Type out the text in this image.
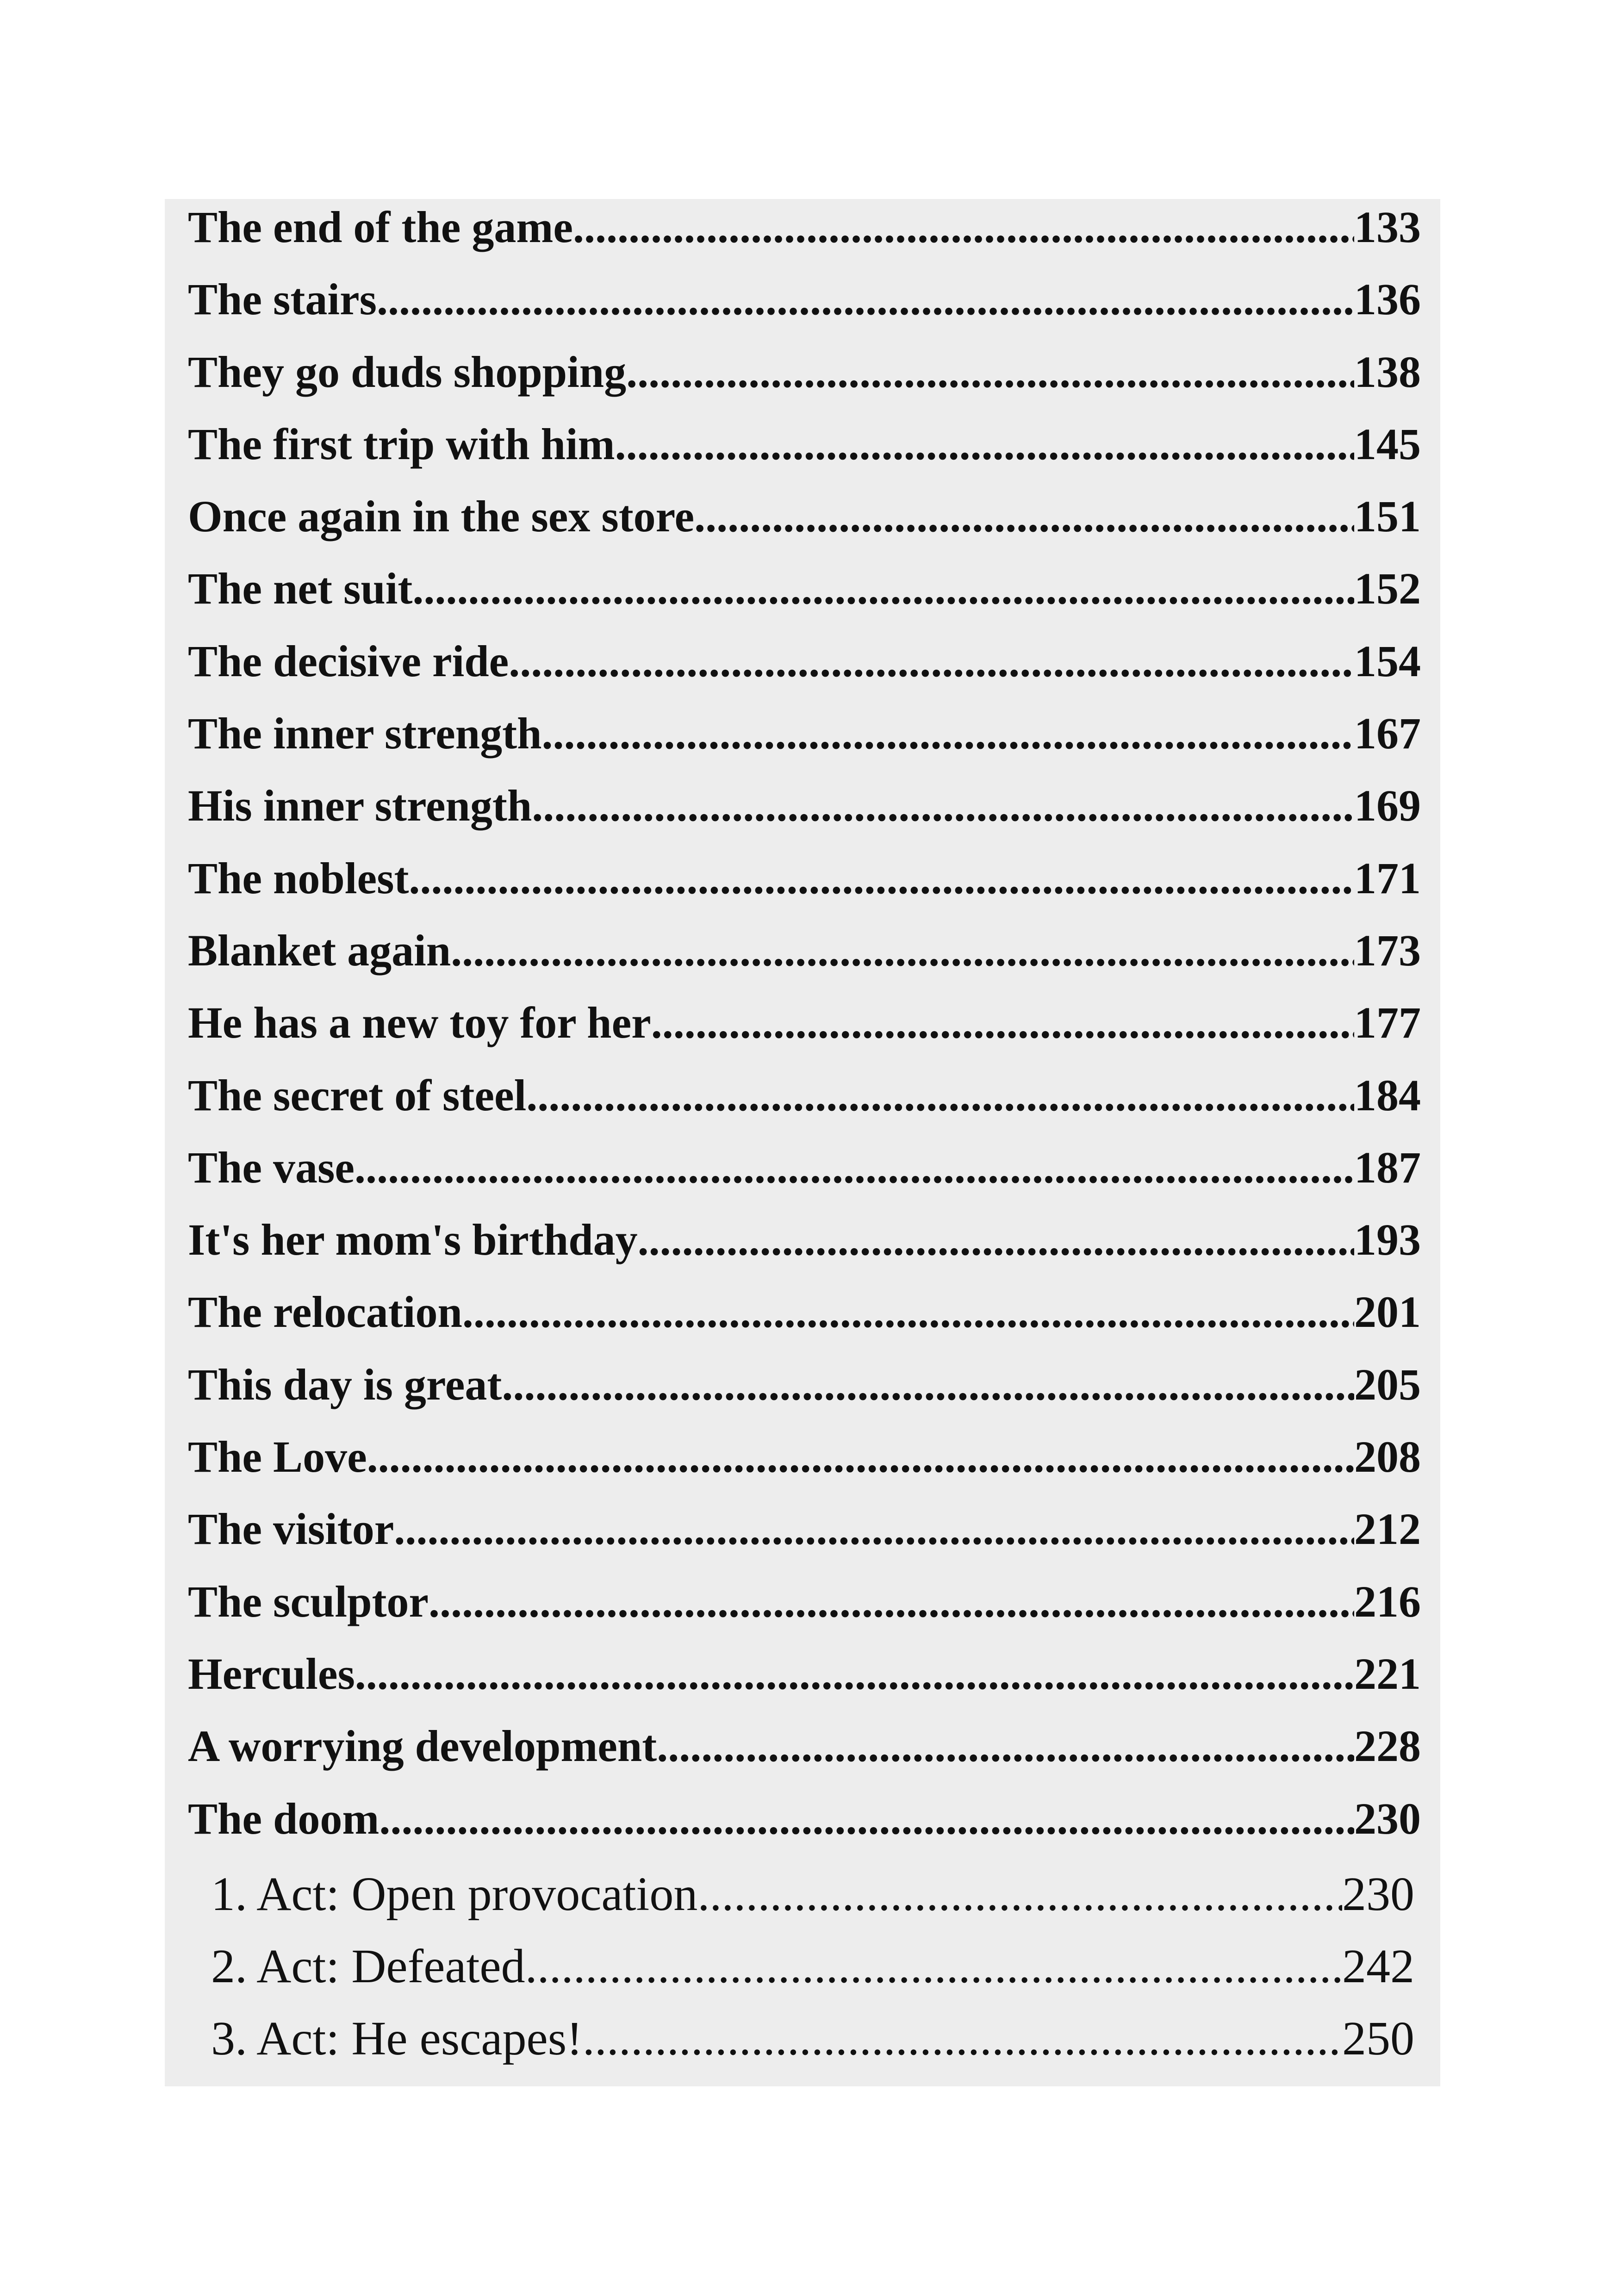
The end of the game .....	133
The stairs .....	136
They go duds shopping .....	138
The first trip with him .....	145
Once again in the sex store .....	151
The net suit .....	152
The decisive ride .....	154
The inner strength .....	167
His inner strength .....	169
The noblest .....	171
Blanket again .....	173
He has a new toy for her .....	177
The secret of steel .....	184
The vase .....	187
It's her mom's birthday .....	193
The relocation .....	201
This day is great .....	205
The Love .....	208
The visitor .....	212
The sculptor .....	216
Hercules .....	221
A worrying development .....	228
The doom .....	230
1. Act: Open provocation .....	230
2. Act: Defeated .....	242
3. Act: He escapes! .....	250
